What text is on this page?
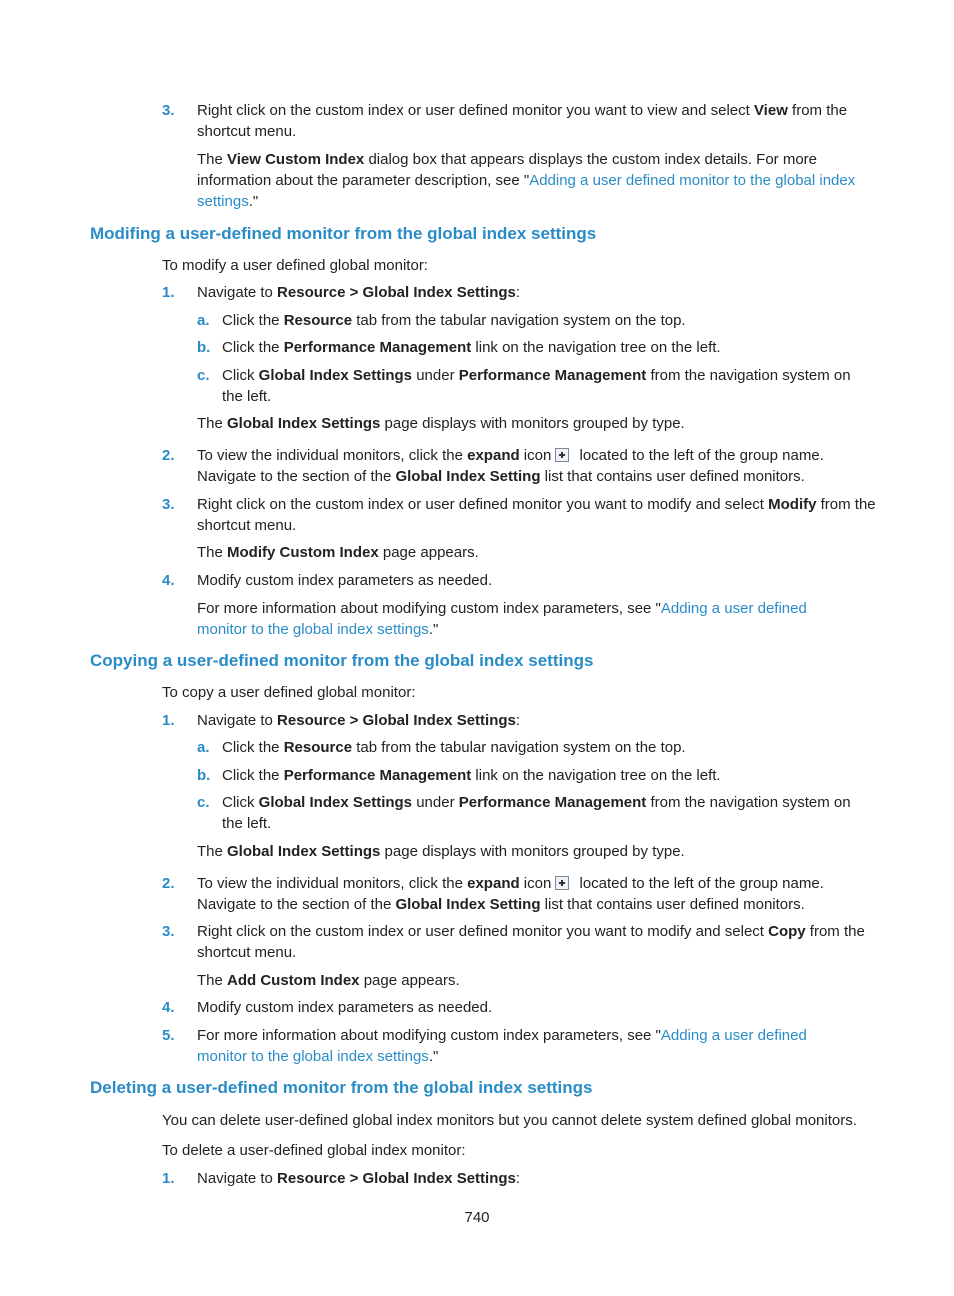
3. Right click on the custom index or user defined monitor you want to view and select View from the shortcut menu.

The View Custom Index dialog box that appears displays the custom index details. For more information about the parameter description, see "Adding a user defined monitor to the global index settings."

Modifing a user-defined monitor from the global index settings

To modify a user defined global monitor:

1. Navigate to Resource > Global Index Settings:

a. Click the Resource tab from the tabular navigation system on the top.

b. Click the Performance Management link on the navigation tree on the left.

c. Click Global Index Settings under Performance Management from the navigation system on the left.

The Global Index Settings page displays with monitors grouped by type.

2. To view the individual monitors, click the expand icon located to the left of the group name. Navigate to the section of the Global Index Setting list that contains user defined monitors.

3. Right click on the custom index or user defined monitor you want to modify and select Modify from the shortcut menu.

The Modify Custom Index page appears.

4. Modify custom index parameters as needed.

For more information about modifying custom index parameters, see "Adding a user defined monitor to the global index settings."

Copying a user-defined monitor from the global index settings

To copy a user defined global monitor:

1. Navigate to Resource > Global Index Settings:

a. Click the Resource tab from the tabular navigation system on the top.

b. Click the Performance Management link on the navigation tree on the left.

c. Click Global Index Settings under Performance Management from the navigation system on the left.

The Global Index Settings page displays with monitors grouped by type.

2. To view the individual monitors, click the expand icon located to the left of the group name. Navigate to the section of the Global Index Setting list that contains user defined monitors.

3. Right click on the custom index or user defined monitor you want to modify and select Copy from the shortcut menu.

The Add Custom Index page appears.

4. Modify custom index parameters as needed.

5. For more information about modifying custom index parameters, see "Adding a user defined monitor to the global index settings."

Deleting a user-defined monitor from the global index settings

You can delete user-defined global index monitors but you cannot delete system defined global monitors.

To delete a user-defined global index monitor:

1. Navigate to Resource > Global Index Settings:

740
